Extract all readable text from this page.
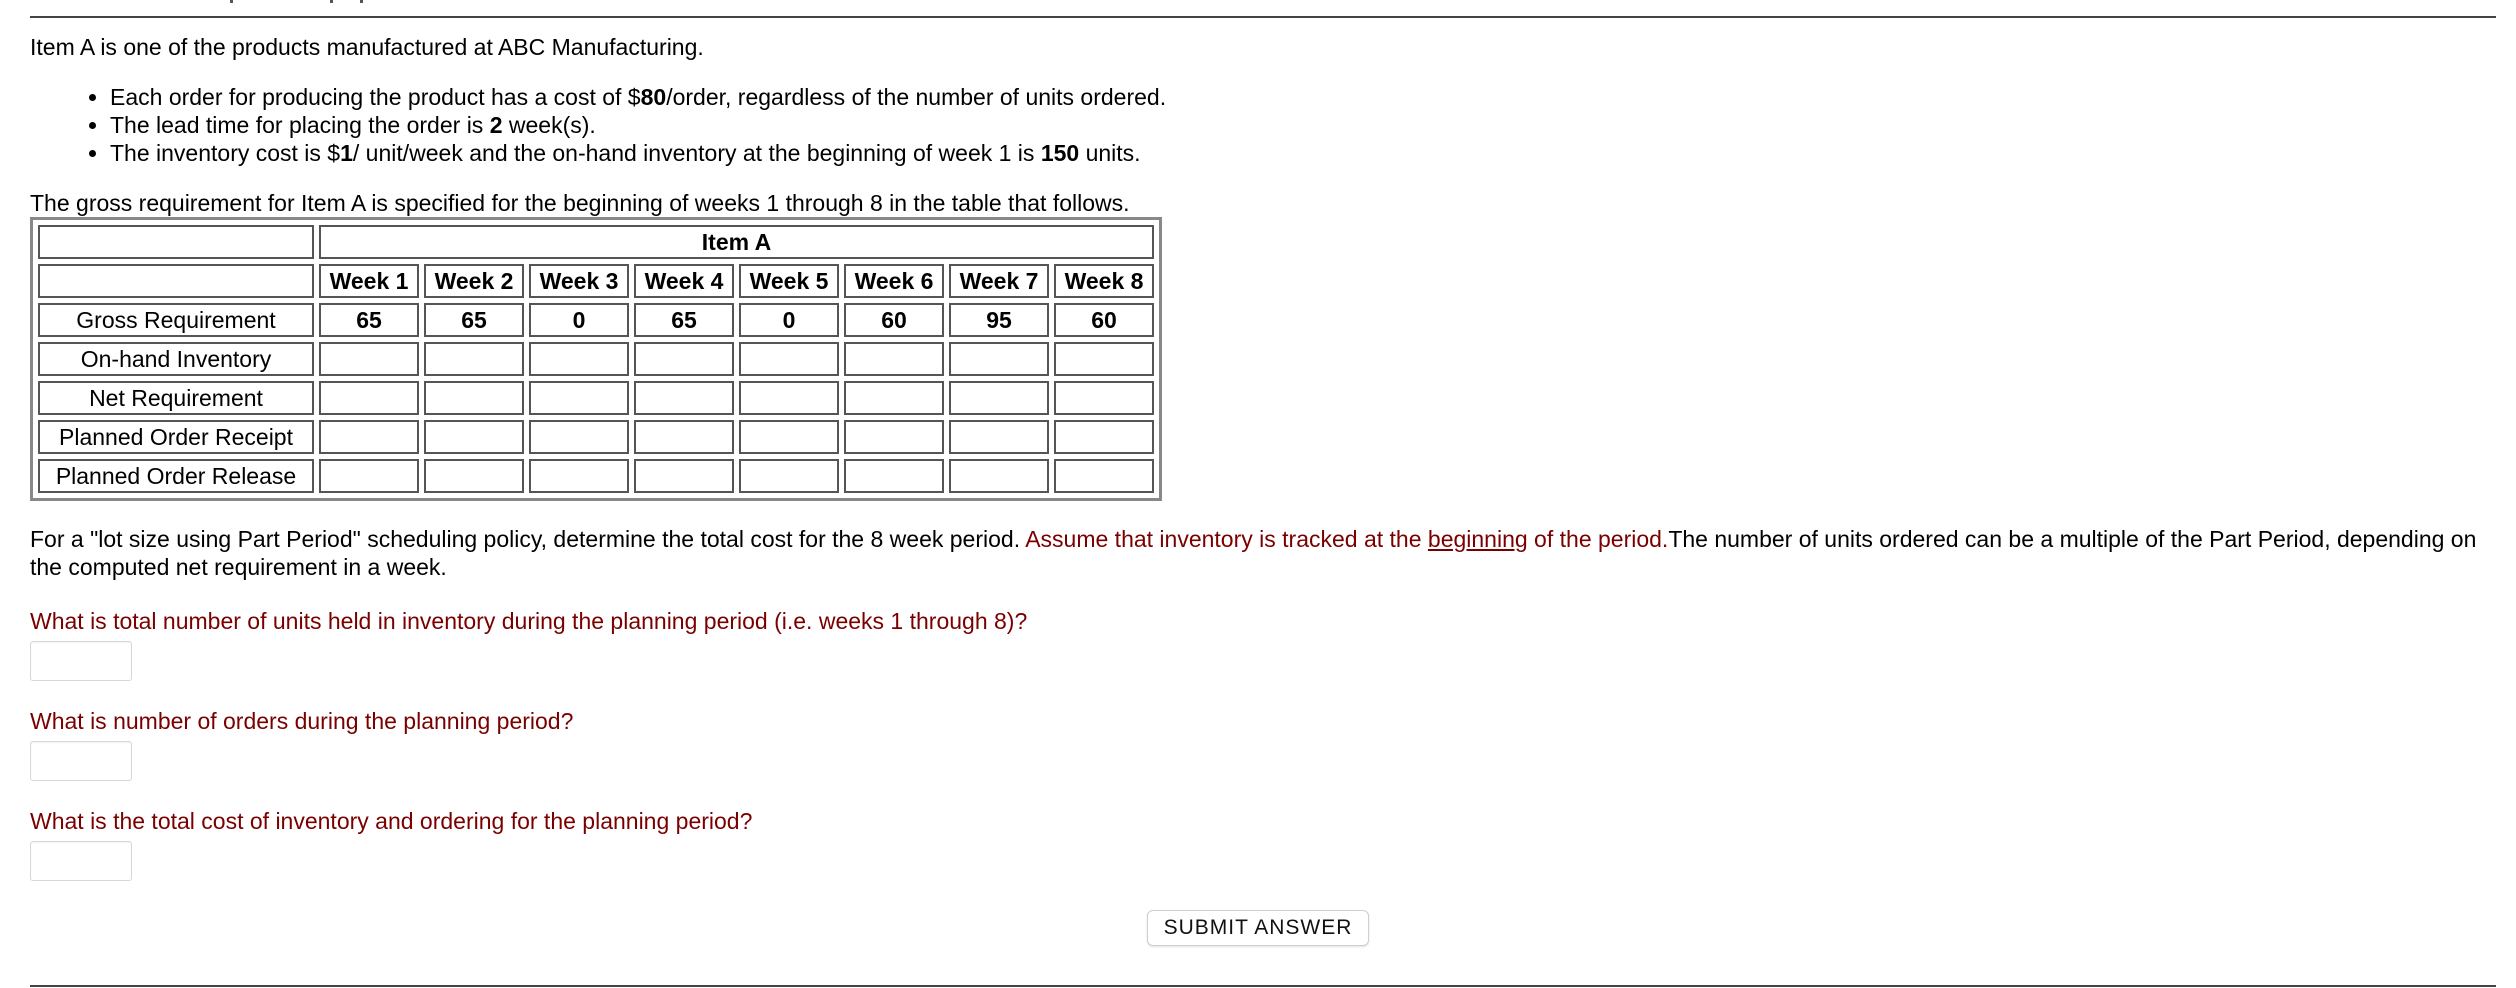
Item A is one of the products manufactured at ABC Manufacturing.

• Each order for producing the product has a cost of $80/order, regardless of the number of units ordered.
• The lead time for placing the order is 2 week(s).
• The inventory cost is $1/ unit/week and the on-hand inventory at the beginning of week 1 is 150 units.

The gross requirement for Item A is specified for the beginning of weeks 1 through 8 in the table that follows.

	Item A							
	Week 1	Week 2	Week 3	Week 4	Week 5	Week 6	Week 7	Week 8
Gross Requirement	65	65	0	65	0	60	95	60
On-hand Inventory								
Net Requirement								
Planned Order Receipt								
Planned Order Release								

For a "lot size using Part Period" scheduling policy, determine the total cost for the 8 week period. Assume that inventory is tracked at the beginning of the period.The number of units ordered can be a multiple of the Part Period, depending on the computed net requirement in a week.

What is total number of units held in inventory during the planning period (i.e. weeks 1 through 8)?

What is number of orders during the planning period?

What is the total cost of inventory and ordering for the planning period?

SUBMIT ANSWER
